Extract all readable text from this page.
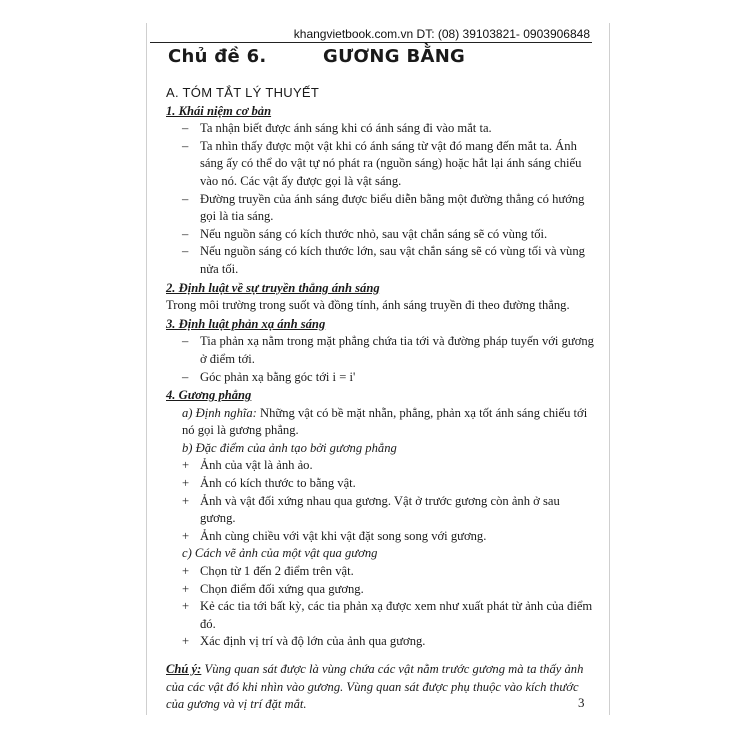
khangvietbook.com.vn DT: (08) 39103821- 0903906848
Chủ đề 6.	GƯƠNG BẰNG
A. TÓM TẮT LÝ THUYẾT
1. Khái niệm cơ bản
– Ta nhận biết được ánh sáng khi có ánh sáng đi vào mắt ta.
– Ta nhìn thấy được một vật khi có ánh sáng từ vật đó mang đến mắt ta. Ánh sáng ấy có thể do vật tự nó phát ra (nguồn sáng) hoặc hắt lại ánh sáng chiếu vào nó. Các vật ấy được gọi là vật sáng.
– Đường truyền của ánh sáng được biểu diễn bằng một đường thẳng có hướng gọi là tia sáng.
– Nếu nguồn sáng có kích thước nhỏ, sau vật chắn sáng sẽ có vùng tối.
– Nếu nguồn sáng có kích thước lớn, sau vật chắn sáng sẽ có vùng tối và vùng nửa tối.
2. Định luật về sự truyền thẳng ánh sáng
Trong môi trường trong suốt và đồng tính, ánh sáng truyền đi theo đường thẳng.
3. Định luật phản xạ ánh sáng
– Tia phản xạ nằm trong mặt phẳng chứa tia tới và đường pháp tuyến với gương ở điểm tới.
– Góc phản xạ bằng góc tới i = i'
4. Gương phẳng
a) Định nghĩa: Những vật có bề mặt nhẵn, phẳng, phản xạ tốt ánh sáng chiếu tới nó gọi là gương phẳng.
b) Đặc điểm của ảnh tạo bởi gương phẳng
+ Ảnh của vật là ảnh ảo.
+ Ảnh có kích thước to bằng vật.
+ Ảnh và vật đối xứng nhau qua gương. Vật ở trước gương còn ảnh ở sau gương.
+ Ảnh cùng chiều với vật khi vật đặt song song với gương.
c) Cách vẽ ảnh của một vật qua gương
+ Chọn từ 1 đến 2 điểm trên vật.
+ Chọn điểm đối xứng qua gương.
+ Kẻ các tia tới bất kỳ, các tia phản xạ được xem như xuất phát từ ảnh của điểm đó.
+ Xác định vị trí và độ lớn của ảnh qua gương.
Chú ý: Vùng quan sát được là vùng chứa các vật nằm trước gương mà ta thấy ảnh của các vật đó khi nhìn vào gương. Vùng quan sát được phụ thuộc vào kích thước của gương và vị trí đặt mắt.	3
